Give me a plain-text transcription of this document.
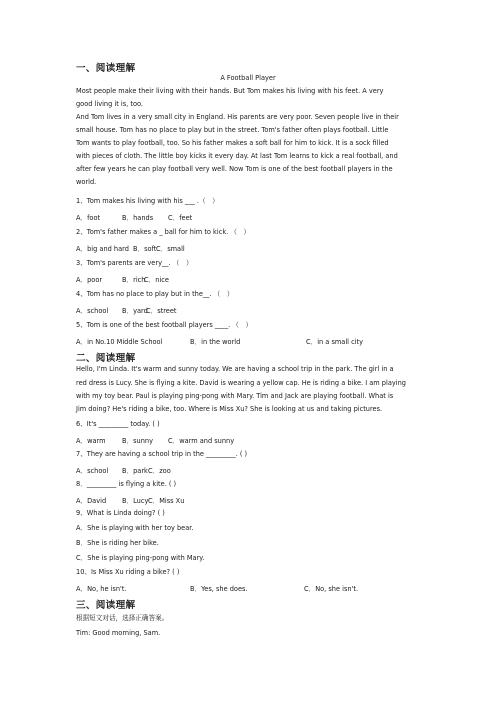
一、阅读理解
A Football Player
Most people make their living with their hands. But Tom makes his living with his feet. A very
good living it is, too.
And Tom lives in a very small city in England. His parents are very poor. Seven people live in their
small house. Tom has no place to play but in the street. Tom's father often plays football. Little
Tom wants to play football, too. So his father makes a soft ball for him to kick. It is a sock filled
with pieces of cloth. The little boy kicks it every day. At last Tom learns to kick a real football, and
after few years he can play football very well. Now Tom is one of the best football players in the
world.
1、Tom makes his living with his ___ .（　）
A．foot	B．hands C．feet
2、Tom's father makes a _ ball for him to kick. （　）
A．big and hard B．soft C．small
3、Tom's parents are very__. （　）
A．poor	B．rich
C．nice
4、Tom has no place to play but in the__. （　）
A．school B．yard
C．street
5、Tom is one of the best football players ____. （　）
A．in No.10 Middle School	B．in the world	C．in a small city
二、阅读理解
Hello, I'm Linda. It's warm and sunny today. We are having a school trip in the park. The girl in a
red dress is Lucy. She is flying a kite. David is wearing a yellow cap. He is riding a bike. I am playing
with my toy bear. Paul is playing ping-pong with Mary. Tim and Jack are playing football. What is
Jim doing? He's riding a bike, too. Where is Miss Xu? She is looking at us and taking pictures.
6、It's _________ today. ( )
A．warm B．sunny C．warm and sunny
7、They are having a school trip in the _________. ( )
A．school B．park C．zoo
8．_________ is flying a kite. ( )
A．David B．Lucy C．Miss Xu
9、What is Linda doing? ( )
A．She is playing with her toy bear.
B．She is riding her bike.
C．She is playing ping-pong with Mary.
10、Is Miss Xu riding a bike? ( )
A．No, he isn't.	B．Yes, she does.	C．No, she isn't.
三、阅读理解
根据短文对话，选择正确答案。
Tim: Good morning, Sam.
